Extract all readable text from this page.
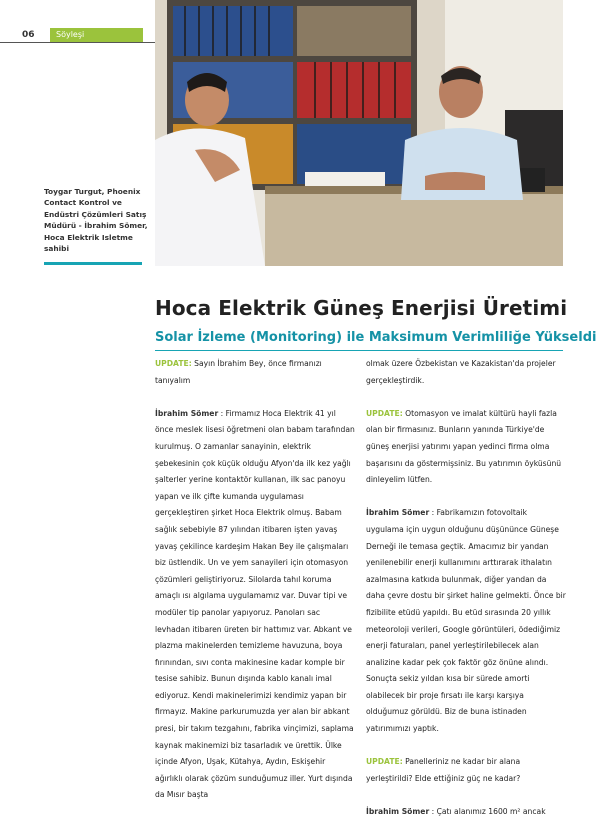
06	Söyleşi
Toygar Turgut, Phoenix Contact Kontrol ve Endüstri Çözümleri Satış Müdürü - İbrahim Sömer, Hoca Elektrik Isletme sahibi
Hoca Elektrik Güneş Enerjisi Üretimi
Solar İzleme (Monitoring) ile Maksimum Verimliliğe Yükseldi

UPDATE: Sayın İbrahim Bey, önce firmanızı tanıyalım

İbrahim Sömer : Firmamız Hoca Elektrik 41 yıl önce meslek lisesi öğretmeni olan babam tarafından kurulmuş. O zamanlar sanayinin, elektrik şebekesinin çok küçük olduğu Afyon'da ilk kez yağlı şalterler yerine kontaktör kullanan, ilk sac panoyu yapan ve ilk çifte kumanda uygulaması gerçekleştiren şirket Hoca Elektrik olmuş. Babam sağlık sebebiyle 87 yılından itibaren işten yavaş yavaş çekilince kardeşim Hakan Bey ile çalışmaları biz üstlendik. Un ve yem sanayileri için otomasyon çözümleri geliştiriyoruz. Silolarda tahıl koruma amaçlı ısı algılama uygulamamız var. Duvar tipi ve modüler tip panolar yapıyoruz. Panoları sac levhadan itibaren üreten bir hattımız var. Abkant ve plazma makinelerden temizleme havuzuna, boya fırınından, sıvı conta makinesine kadar komple bir tesise sahibiz. Bunun dışında kablo kanalı imal ediyoruz. Kendi makinelerimizi kendimiz yapan bir firmayız. Makine parkurumuzda yer alan bir abkant presi, bir takım tezgahını, fabrika vinçimizi, saplama kaynak makinemizi biz tasarladık ve ürettik. Ülke içinde Afyon, Uşak, Kütahya, Aydın, Eskişehir ağırlıklı olarak çözüm sunduğumuz iller. Yurt dışında da Mısır başta

olmak üzere Özbekistan ve Kazakistan'da projeler gerçekleştirdik.

UPDATE: Otomasyon ve imalat kültürü hayli fazla olan bir firmasınız. Bunların yanında Türkiye'de güneş enerjisi yatırımı yapan yedinci firma olma başarısını da göstermişsiniz. Bu yatırımın öyküsünü dinleyelim lütfen.

İbrahim Sömer : Fabrikamızın fotovoltaik uygulama için uygun olduğunu düşününce Güneşe Derneği ile temasa geçtik. Amacımız bir yandan yenilenebilir enerji kullanımını arttırarak ithalatın azalmasına katkıda bulunmak, diğer yandan da daha çevre dostu bir şirket haline gelmekti. Önce bir fizibilite etüdü yapıldı. Bu etüd sırasında 20 yıllık meteoroloji verileri, Google görüntüleri, ödediğimiz enerji faturaları, panel yerleştirilebilecek alan analizine kadar pek çok faktör göz önüne alındı. Sonuçta sekiz yıldan kısa bir sürede amorti olabilecek bir proje fırsatı ile karşı karşıya olduğumuz görüldü. Biz de buna istinaden yatırımımızı yaptık.

UPDATE: Panelleriniz ne kadar bir alana yerleştirildi? Elde ettiğiniz güç ne kadar?

İbrahim Sömer : Çatı alanımız 1600 m² ancak
